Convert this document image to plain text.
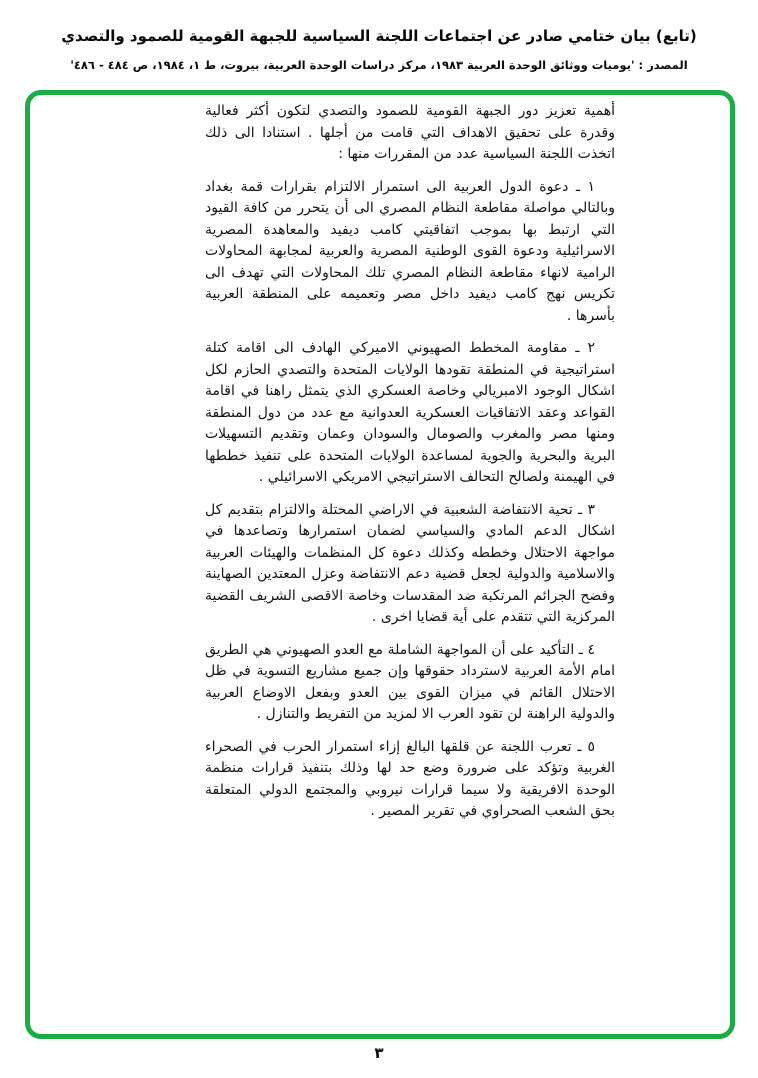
(تابع) بيان ختامي صادر عن اجتماعات اللجنة السياسية للجبهة القومية للصمود والتصدي
المصدر : 'يوميات ووثائق الوحدة العربية ١٩٨٣، مركز دراسات الوحدة العربية، بيروت، ط ١، ١٩٨٤، ص ٤٨٤ - ٤٨٦'

أهمية تعزيز دور الجبهة القومية للصمود والتصدي لتكون أكثر فعالية وقدرة على تحقيق الاهداف التي قامت من أجلها . استنادا الى ذلك اتخذت اللجنة السياسية عدد من المقررات منها :

١ ـ دعوة الدول العربية الى استمرار الالتزام بقرارات قمة بغداد وبالتالي مواصلة مقاطعة النظام المصري الى أن يتحرر من كافة القيود التي ارتبط بها بموجب اتفاقيتي كامب ديفيد والمعاهدة المصرية الاسرائيلية ودعوة القوى الوطنية المصرية والعربية لمجابهة المحاولات الرامية لانهاء مقاطعة النظام المصري تلك المحاولات التي تهدف الى تكريس نهج كامب ديفيد داخل مصر وتعميمه على المنطقة العربية بأسرها .

٢ ـ مقاومة المخطط الصهيوني الاميركي الهادف الى اقامة كتلة استراتيجية في المنطقة تقودها الولايات المتحدة والتصدي الحازم لكل اشكال الوجود الامبريالي وخاصة العسكري الذي يتمثل راهنا في اقامة القواعد وعقد الاتفاقيات العسكرية العدوانية مع عدد من دول المنطقة ومنها مصر والمغرب والصومال والسودان وعمان وتقديم التسهيلات البرية والبحرية والجوية لمساعدة الولايات المتحدة على تنفيذ خططها في الهيمنة ولصالح التحالف الاستراتيجي الامريكي الاسرائيلي .

٣ ـ تحية الانتفاضة الشعبية في الاراضي المحتلة والالتزام بتقديم كل اشكال الدعم المادي والسياسي لضمان استمرارها وتصاعدها في مواجهة الاحتلال وخططه وكذلك دعوة كل المنظمات والهيئات العربية والاسلامية والدولية لجعل قضية دعم الانتفاضة وعزل المعتدين الصهاينة وفضح الجرائم المرتكبة ضد المقدسات وخاصة الاقصى الشريف القضية المركزية التي تتقدم على أية قضايا اخرى .

٤ ـ التأكيد على أن المواجهة الشاملة مع العدو الصهيوني هي الطريق امام الأمة العربية لاسترداد حقوقها وإن جميع مشاريع التسوية في ظل الاحتلال القائم في ميزان القوى بين العدو وبفعل الاوضاع العربية والدولية الراهنة لن تقود العرب الا لمزيد من التفريط والتنازل .

٥ ـ تعرب اللجنة عن قلقها البالغ إزاء استمرار الحرب في الصحراء الغربية وتؤكد على ضرورة وضع حد لها وذلك بتنفيذ قرارات منظمة الوحدة الافريقية ولا سيما قرارات نيروبي والمجتمع الدولي المتعلقة بحق الشعب الصحراوي في تقرير المصير .

٣
